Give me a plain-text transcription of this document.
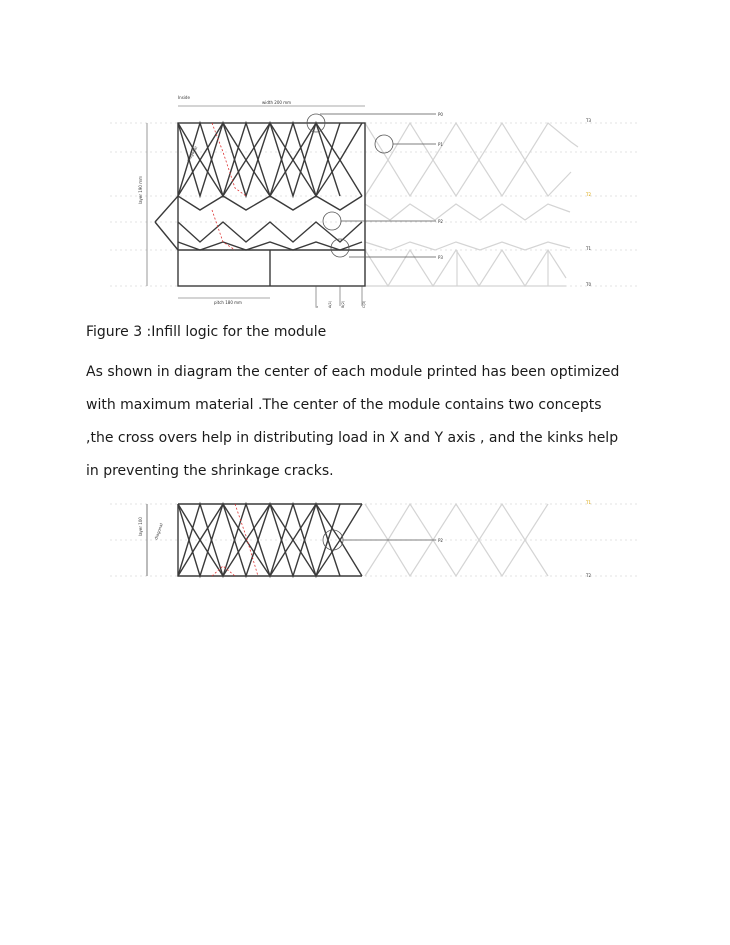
Inside
width 200 mm
layer 190 mm
diagonal
pitch 180 mm
0	A(1)	B(2)	C(3)
P0
P1
P2
P3
T3
T2
T1
T0

Figure 3 :Infill logic for the module

As shown in diagram the center of each module printed has been optimized
with maximum material .The center of the module contains two concepts
,the cross overs help in distributing load in X and Y axis , and the kinks help
in preventing the shrinkage cracks.
layer 100	diagonal
P2
T1
T2
